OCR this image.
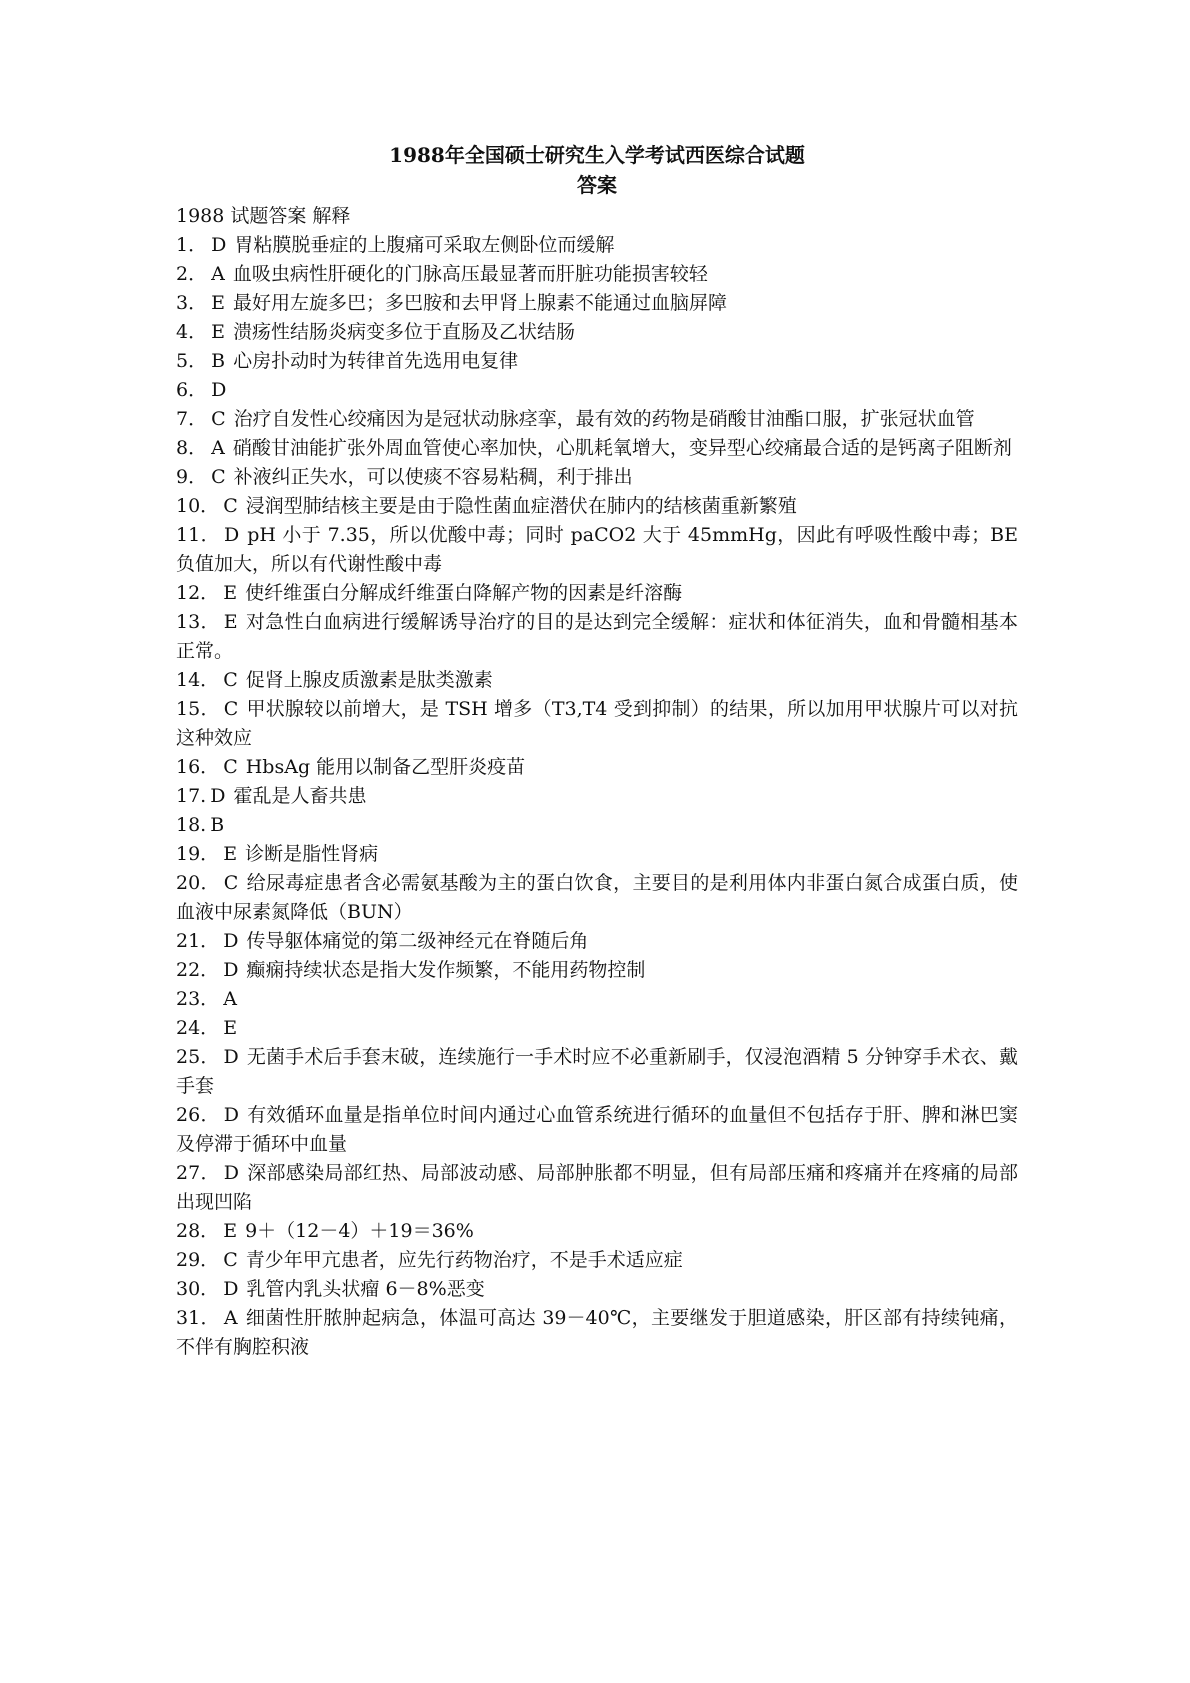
1988年全国硕士研究生入学考试西医综合试题

答案

1988 试题答案 解释

1． D 胃粘膜脱垂症的上腹痛可采取左侧卧位而缓解

2． A 血吸虫病性肝硬化的门脉高压最显著而肝脏功能损害较轻

3． E 最好用左旋多巴；多巴胺和去甲肾上腺素不能通过血脑屏障

4． E 溃疡性结肠炎病变多位于直肠及乙状结肠

5． B 心房扑动时为转律首先选用电复律

6． D

7． C 治疗自发性心绞痛因为是冠状动脉痉挛，最有效的药物是硝酸甘油酯口服，扩张冠状血管

8． A 硝酸甘油能扩张外周血管使心率加快，心肌耗氧增大，变异型心绞痛最合适的是钙离子阻断剂

9． C 补液纠正失水，可以使痰不容易粘稠，利于排出

10． C 浸润型肺结核主要是由于隐性菌血症潜伏在肺内的结核菌重新繁殖

11． D pH 小于 7.35，所以优酸中毒；同时 paCO2 大于 45mmHg，因此有呼吸性酸中毒；BE 负值加大，所以有代谢性酸中毒

12． E 使纤维蛋白分解成纤维蛋白降解产物的因素是纤溶酶

13． E 对急性白血病进行缓解诱导治疗的目的是达到完全缓解：症状和体征消失，血和骨髓相基本正常。

14． C 促肾上腺皮质激素是肽类激素

15． C 甲状腺较以前增大，是 TSH 增多（T3,T4 受到抑制）的结果，所以加用甲状腺片可以对抗这种效应

16． C HbsAg 能用以制备乙型肝炎疫苗

17. D 霍乱是人畜共患

18. B

19． E 诊断是脂性肾病

20． C 给尿毒症患者含必需氨基酸为主的蛋白饮食，主要目的是利用体内非蛋白氮合成蛋白质，使血液中尿素氮降低（BUN）

21． D 传导躯体痛觉的第二级神经元在脊随后角

22． D 癫痫持续状态是指大发作频繁，不能用药物控制

23． A

24． E

25． D 无菌手术后手套末破，连续施行一手术时应不必重新刷手，仅浸泡酒精 5 分钟穿手术衣、戴手套

26． D 有效循环血量是指单位时间内通过心血管系统进行循环的血量但不包括存于肝、脾和淋巴窦及停滞于循环中血量

27． D 深部感染局部红热、局部波动感、局部肿胀都不明显，但有局部压痛和疼痛并在疼痛的局部出现凹陷

28． E 9＋（12－4）＋19＝36%

29． C 青少年甲亢患者，应先行药物治疗，不是手术适应症

30． D 乳管内乳头状瘤 6－8%恶变

31． A 细菌性肝脓肿起病急，体温可高达 39－40℃，主要继发于胆道感染，肝区部有持续钝痛，不伴有胸腔积液
